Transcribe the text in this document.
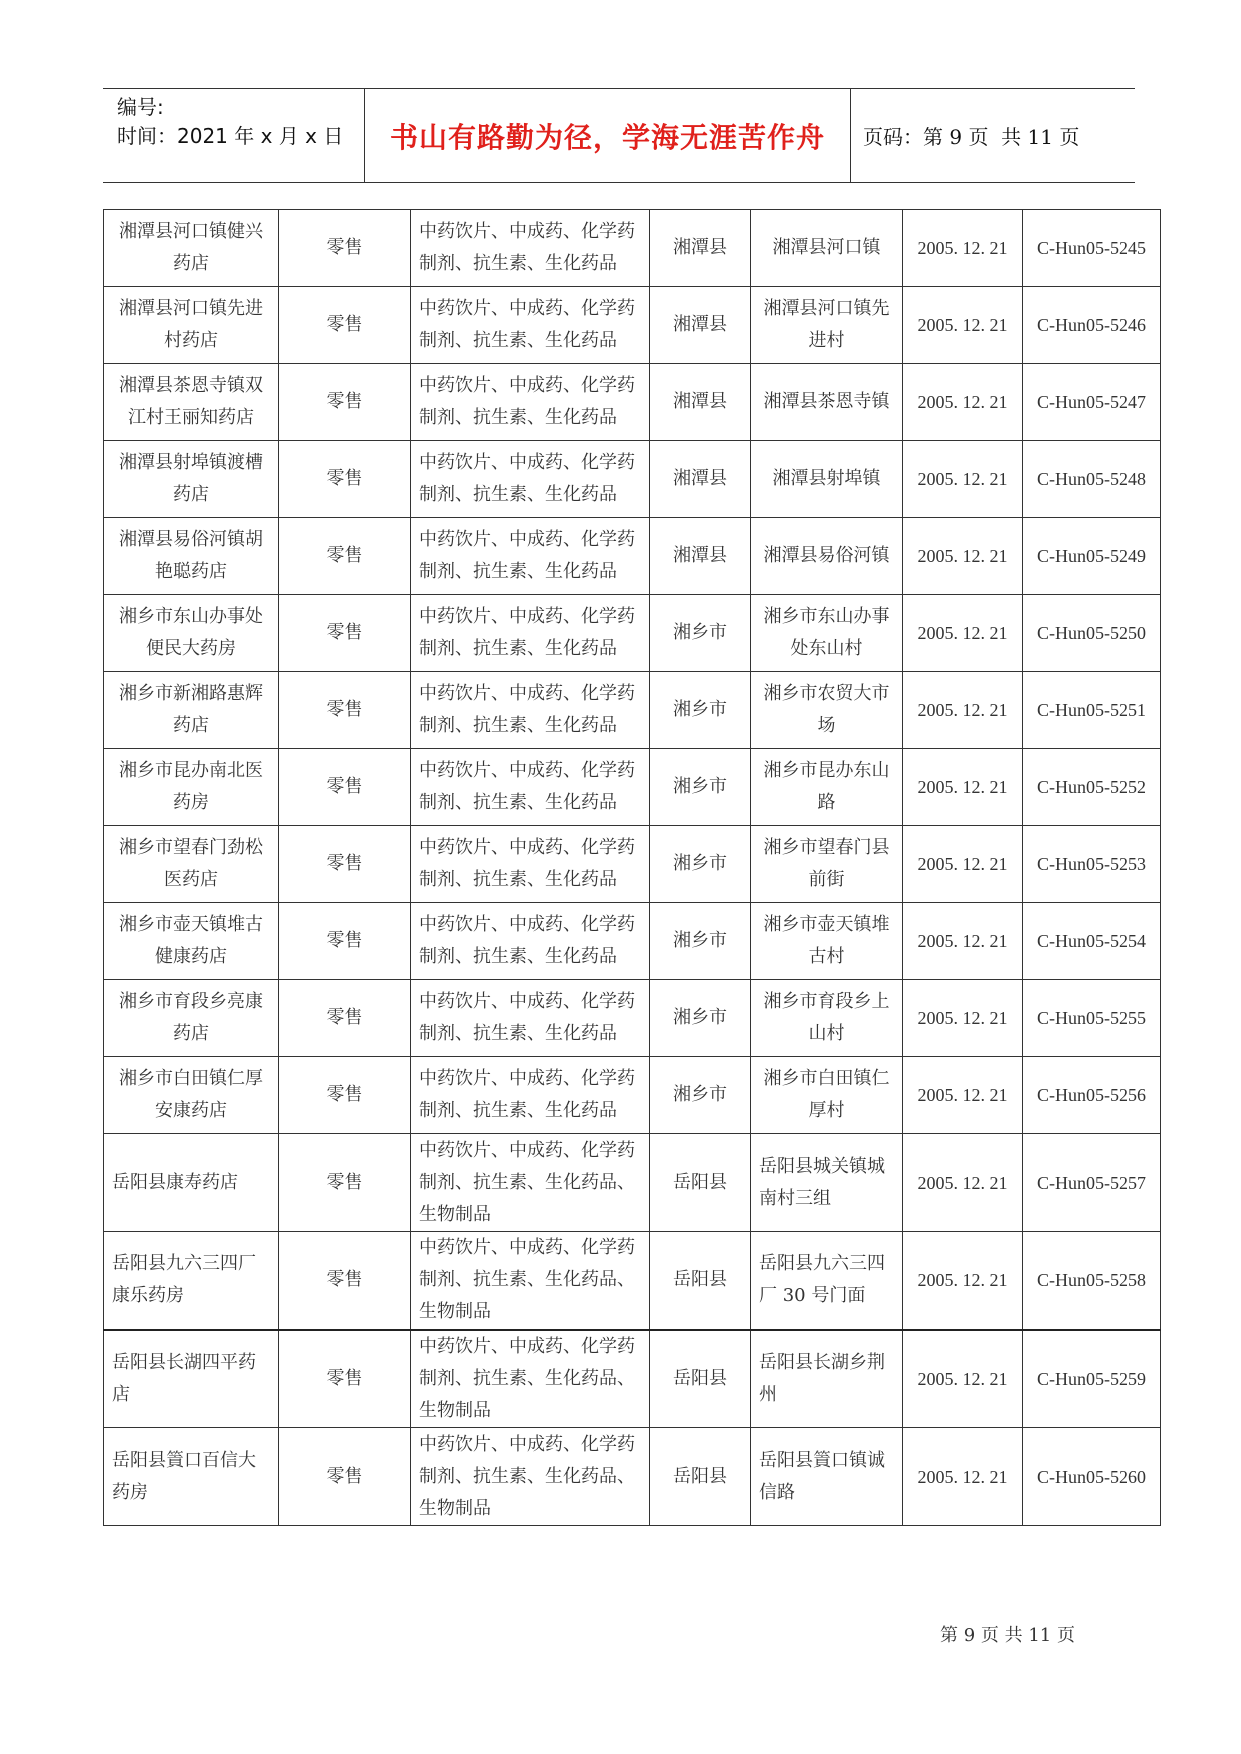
编号:
时间：2021 年 x 月 x 日	书山有路勤为径，学海无涯苦作舟	页码：第 9 页  共 11 页
湘潭县河口镇健兴药店	零售	中药饮片、中成药、化学药制剂、抗生素、生化药品	湘潭县	湘潭县河口镇	2005. 12. 21	C-Hun05-5245
湘潭县河口镇先进村药店	零售	中药饮片、中成药、化学药制剂、抗生素、生化药品	湘潭县	湘潭县河口镇先进村	2005. 12. 21	C-Hun05-5246
湘潭县茶恩寺镇双江村王丽知药店	零售	中药饮片、中成药、化学药制剂、抗生素、生化药品	湘潭县	湘潭县茶恩寺镇	2005. 12. 21	C-Hun05-5247
湘潭县射埠镇渡槽药店	零售	中药饮片、中成药、化学药制剂、抗生素、生化药品	湘潭县	湘潭县射埠镇	2005. 12. 21	C-Hun05-5248
湘潭县易俗河镇胡艳聪药店	零售	中药饮片、中成药、化学药制剂、抗生素、生化药品	湘潭县	湘潭县易俗河镇	2005. 12. 21	C-Hun05-5249
湘乡市东山办事处便民大药房	零售	中药饮片、中成药、化学药制剂、抗生素、生化药品	湘乡市	湘乡市东山办事处东山村	2005. 12. 21	C-Hun05-5250
湘乡市新湘路惠辉药店	零售	中药饮片、中成药、化学药制剂、抗生素、生化药品	湘乡市	湘乡市农贸大市场	2005. 12. 21	C-Hun05-5251
湘乡市昆办南北医药房	零售	中药饮片、中成药、化学药制剂、抗生素、生化药品	湘乡市	湘乡市昆办东山路	2005. 12. 21	C-Hun05-5252
湘乡市望春门劲松医药店	零售	中药饮片、中成药、化学药制剂、抗生素、生化药品	湘乡市	湘乡市望春门县前街	2005. 12. 21	C-Hun05-5253
湘乡市壶天镇堆古健康药店	零售	中药饮片、中成药、化学药制剂、抗生素、生化药品	湘乡市	湘乡市壶天镇堆古村	2005. 12. 21	C-Hun05-5254
湘乡市育段乡亮康药店	零售	中药饮片、中成药、化学药制剂、抗生素、生化药品	湘乡市	湘乡市育段乡上山村	2005. 12. 21	C-Hun05-5255
湘乡市白田镇仁厚安康药店	零售	中药饮片、中成药、化学药制剂、抗生素、生化药品	湘乡市	湘乡市白田镇仁厚村	2005. 12. 21	C-Hun05-5256
岳阳县康寿药店	零售	中药饮片、中成药、化学药制剂、抗生素、生化药品、生物制品	岳阳县	岳阳县城关镇城南村三组	2005. 12. 21	C-Hun05-5257
岳阳县九六三四厂康乐药房	零售	中药饮片、中成药、化学药制剂、抗生素、生化药品、生物制品	岳阳县	岳阳县九六三四厂 30 号门面	2005. 12. 21	C-Hun05-5258
岳阳县长湖四平药店	零售	中药饮片、中成药、化学药制剂、抗生素、生化药品、生物制品	岳阳县	岳阳县长湖乡荆州	2005. 12. 21	C-Hun05-5259
岳阳县篢口百信大药房	零售	中药饮片、中成药、化学药制剂、抗生素、生化药品、生物制品	岳阳县	岳阳县篢口镇诚信路	2005. 12. 21	C-Hun05-5260
第 9 页 共 11 页
